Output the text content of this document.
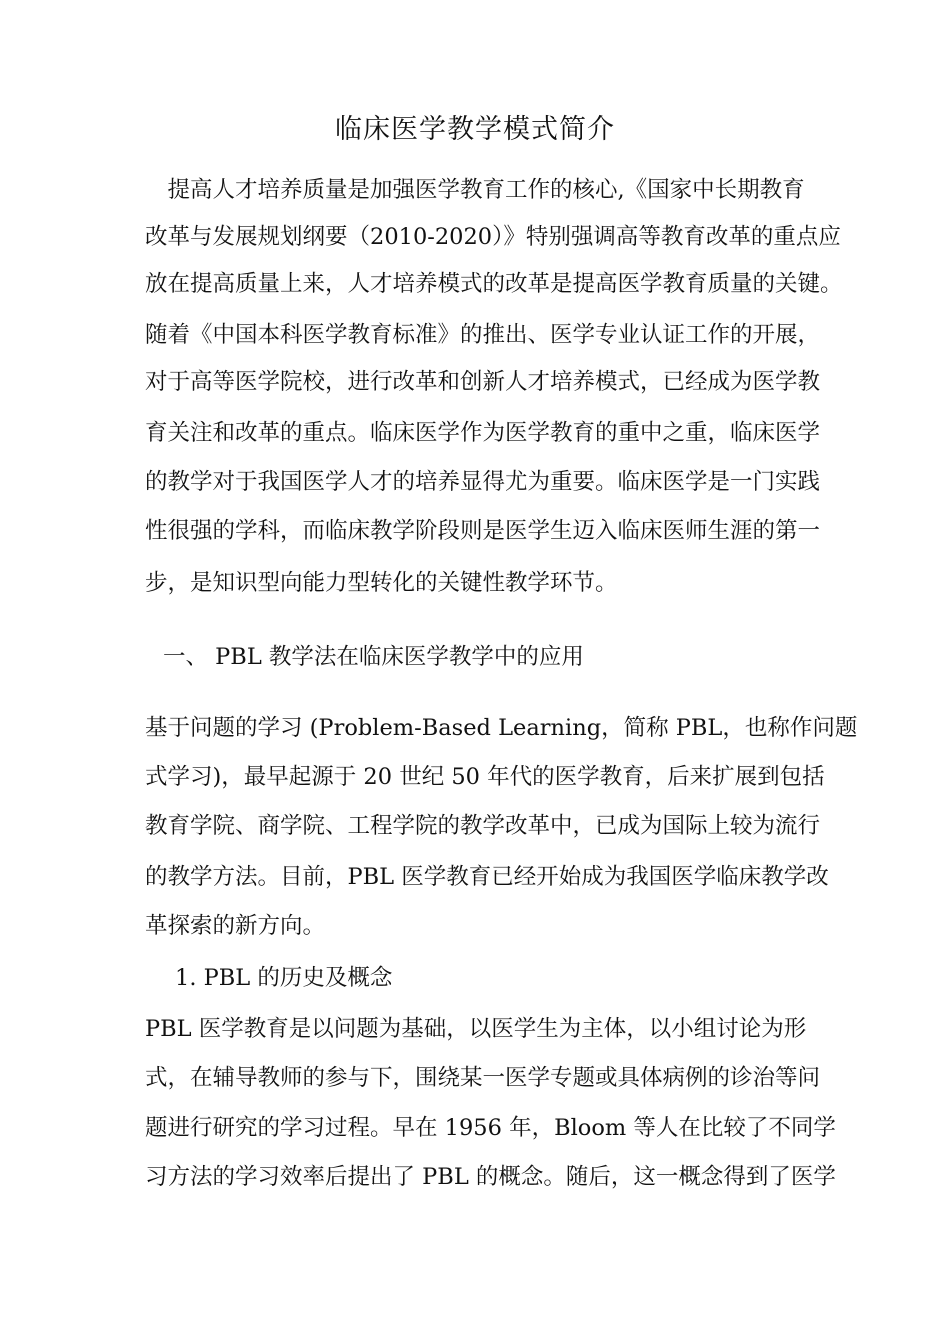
临床医学教学模式简介
　提高人才培养质量是加强医学教育工作的核心,《国家中长期教育
改革与发展规划纲要（2010-2020）》特别强调高等教育改革的重点应
放在提高质量上来，人才培养模式的改革是提高医学教育质量的关键。
随着《中国本科医学教育标准》的推出、医学专业认证工作的开展，
对于高等医学院校，进行改革和创新人才培养模式，已经成为医学教
育关注和改革的重点。临床医学作为医学教育的重中之重，临床医学
的教学对于我国医学人才的培养显得尤为重要。临床医学是一门实践
性很强的学科，而临床教学阶段则是医学生迈入临床医师生涯的第一
步，是知识型向能力型转化的关键性教学环节。
一、 PBL 教学法在临床医学教学中的应用
基于问题的学习 (Problem-Based Learning，简称 PBL，也称作问题
式学习)，最早起源于 20 世纪 50 年代的医学教育，后来扩展到包括
教育学院、商学院、工程学院的教学改革中，已成为国际上较为流行
的教学方法。目前，PBL 医学教育已经开始成为我国医学临床教学改
革探索的新方向。
1. PBL 的历史及概念
PBL 医学教育是以问题为基础，以医学生为主体，以小组讨论为形
式，在辅导教师的参与下，围绕某一医学专题或具体病例的诊治等问
题进行研究的学习过程。早在 1956 年，Bloom 等人在比较了不同学
习方法的学习效率后提出了 PBL 的概念。随后，这一概念得到了医学
